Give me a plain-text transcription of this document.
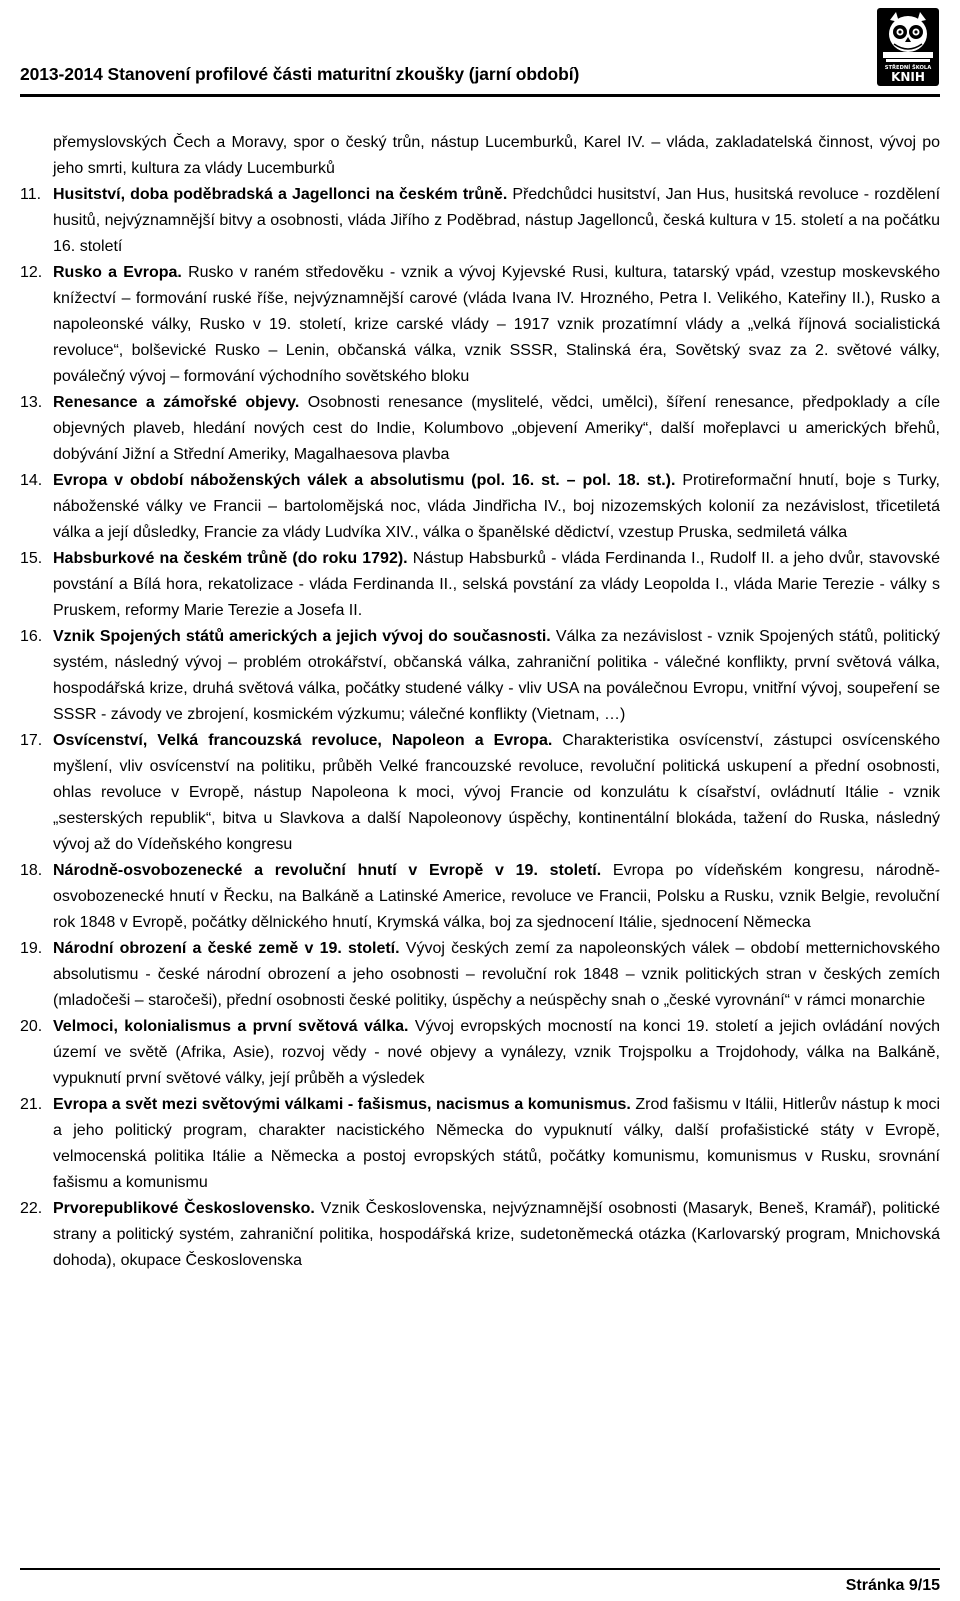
2013-2014 Stanovení profilové části maturitní zkoušky (jarní období)	STŘEDNÍ ŠKOLA
KNIH

přemyslovských Čech a Moravy, spor o český trůn, nástup Lucemburků, Karel IV. – vláda, zakladatelská činnost, vývoj po jeho smrti, kultura za vlády Lucemburků

11. Husitství, doba poděbradská a Jagellonci na českém trůně. Předchůdci husitství, Jan Hus, husitská revoluce - rozdělení husitů, nejvýznamnější bitvy a osobnosti, vláda Jiřího z Poděbrad, nástup Jagellonců, česká kultura v 15. století a na počátku 16. století
12. Rusko a Evropa. Rusko v raném středověku - vznik a vývoj Kyjevské Rusi, kultura, tatarský vpád, vzestup moskevského knížectví – formování ruské říše, nejvýznamnější carové (vláda Ivana IV. Hrozného, Petra I. Velikého, Kateřiny II.), Rusko a napoleonské války, Rusko v 19. století, krize carské vlády – 1917 vznik prozatímní vlády a „velká říjnová socialistická revoluce“, bolševické Rusko – Lenin, občanská válka, vznik SSSR, Stalinská éra, Sovětský svaz za 2. světové války, poválečný vývoj – formování východního sovětského bloku
13. Renesance a zámořské objevy. Osobnosti renesance (myslitelé, vědci, umělci), šíření renesance, předpoklady a cíle objevných plaveb, hledání nových cest do Indie, Kolumbovo „objevení Ameriky“, další mořeplavci u amerických břehů, dobývání Jižní a Střední Ameriky, Magalhaesova plavba
14. Evropa v období náboženských válek a absolutismu (pol. 16. st. – pol. 18. st.). Protireformační hnutí, boje s Turky, náboženské války ve Francii – bartolomějská noc, vláda Jindřicha IV., boj nizozemských kolonií za nezávislost, třicetiletá válka a její důsledky, Francie za vlády Ludvíka XIV., válka o španělské dědictví, vzestup Pruska, sedmiletá válka
15. Habsburkové na českém trůně (do roku 1792). Nástup Habsburků - vláda Ferdinanda I., Rudolf II. a jeho dvůr, stavovské povstání a Bílá hora, rekatolizace - vláda Ferdinanda II., selská povstání za vlády Leopolda I., vláda Marie Terezie - války s Pruskem, reformy Marie Terezie a Josefa II.
16. Vznik Spojených států amerických a jejich vývoj do současnosti. Válka za nezávislost - vznik Spojených států, politický systém, následný vývoj – problém otrokářství, občanská válka, zahraniční politika - válečné konflikty, první světová válka, hospodářská krize, druhá světová válka, počátky studené války - vliv USA na poválečnou Evropu, vnitřní vývoj, soupeření se SSSR - závody ve zbrojení, kosmickém výzkumu; válečné konflikty (Vietnam, …)
17. Osvícenství, Velká francouzská revoluce, Napoleon a Evropa. Charakteristika osvícenství, zástupci osvícenského myšlení, vliv osvícenství na politiku, průběh Velké francouzské revoluce, revoluční politická uskupení a přední osobnosti, ohlas revoluce v Evropě, nástup Napoleona k moci, vývoj Francie od konzulátu k císařství, ovládnutí Itálie - vznik „sesterských republik“, bitva u Slavkova a další Napoleonovy úspěchy, kontinentální blokáda, tažení do Ruska, následný vývoj až do Vídeňského kongresu
18. Národně-osvobozenecké a revoluční hnutí v Evropě v 19. století. Evropa po vídeňském kongresu, národně-osvobozenecké hnutí v Řecku, na Balkáně a Latinské Americe, revoluce ve Francii, Polsku a Rusku, vznik Belgie, revoluční rok 1848 v Evropě, počátky dělnického hnutí, Krymská válka, boj za sjednocení Itálie, sjednocení Německa
19. Národní obrození a české země v 19. století. Vývoj českých zemí za napoleonských válek – období metternichovského absolutismu - české národní obrození a jeho osobnosti – revoluční rok 1848 – vznik politických stran v českých zemích (mladočeši – staročeši), přední osobnosti české politiky, úspěchy a neúspěchy snah o „české vyrovnání“ v rámci monarchie
20. Velmoci, kolonialismus a první světová válka. Vývoj evropských mocností na konci 19. století a jejich ovládání nových území ve světě (Afrika, Asie), rozvoj vědy - nové objevy a vynálezy, vznik Trojspolku a Trojdohody, válka na Balkáně, vypuknutí první světové války, její průběh a výsledek
21. Evropa a svět mezi světovými válkami - fašismus, nacismus a komunismus. Zrod fašismu v Itálii, Hitlerův nástup k moci a jeho politický program, charakter nacistického Německa do vypuknutí války, další profašistické státy v Evropě, velmocenská politika Itálie a Německa a postoj evropských států, počátky komunismu, komunismus v Rusku, srovnání fašismu a komunismu
22. Prvorepublikové Československo. Vznik Československa, nejvýznamnější osobnosti (Masaryk, Beneš, Kramář), politické strany a politický systém, zahraniční politika, hospodářská krize, sudetoněmecká otázka (Karlovarský program, Mnichovská dohoda), okupace Československa
Stránka 9/15
